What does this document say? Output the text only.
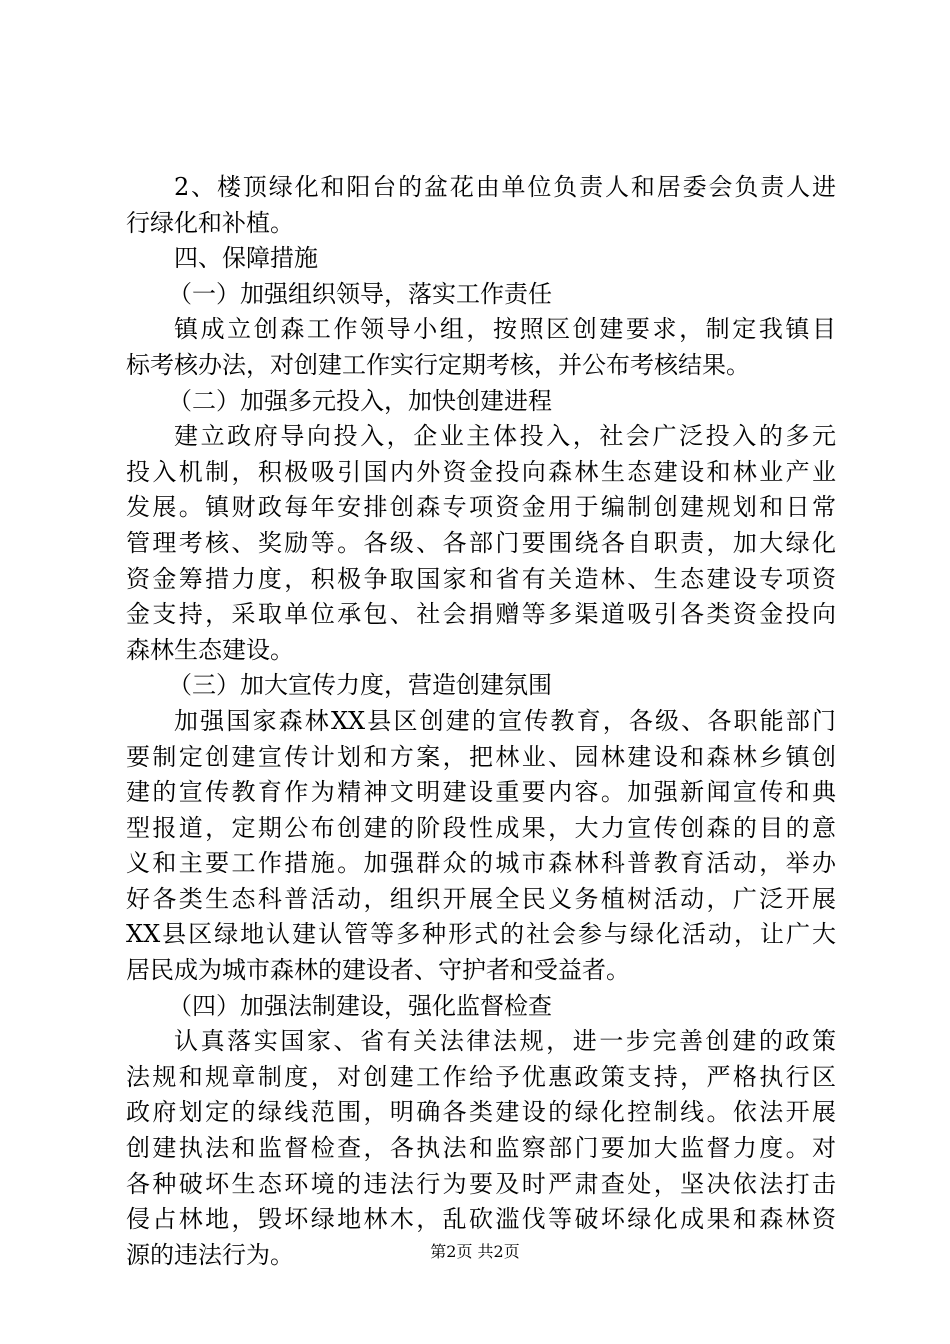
2、楼顶绿化和阳台的盆花由单位负责人和居委会负责人进
行绿化和补植。
四、保障措施
（一）加强组织领导，落实工作责任
镇成立创森工作领导小组，按照区创建要求，制定我镇目
标考核办法，对创建工作实行定期考核，并公布考核结果。
（二）加强多元投入，加快创建进程
建立政府导向投入，企业主体投入，社会广泛投入的多元
投入机制，积极吸引国内外资金投向森林生态建设和林业产业
发展。镇财政每年安排创森专项资金用于编制创建规划和日常
管理考核、奖励等。各级、各部门要围绕各自职责，加大绿化
资金筹措力度，积极争取国家和省有关造林、生态建设专项资
金支持，采取单位承包、社会捐赠等多渠道吸引各类资金投向
森林生态建设。
（三）加大宣传力度，营造创建氛围
加强国家森林XX县区创建的宣传教育，各级、各职能部门
要制定创建宣传计划和方案，把林业、园林建设和森林乡镇创
建的宣传教育作为精神文明建设重要内容。加强新闻宣传和典
型报道，定期公布创建的阶段性成果，大力宣传创森的目的意
义和主要工作措施。加强群众的城市森林科普教育活动，举办
好各类生态科普活动，组织开展全民义务植树活动，广泛开展
XX县区绿地认建认管等多种形式的社会参与绿化活动，让广大
居民成为城市森林的建设者、守护者和受益者。
（四）加强法制建设，强化监督检查
认真落实国家、省有关法律法规，进一步完善创建的政策
法规和规章制度，对创建工作给予优惠政策支持，严格执行区
政府划定的绿线范围，明确各类建设的绿化控制线。依法开展
创建执法和监督检查，各执法和监察部门要加大监督力度。对
各种破坏生态环境的违法行为要及时严肃查处，坚决依法打击
侵占林地，毁坏绿地林木，乱砍滥伐等破坏绿化成果和森林资
源的违法行为。	第2页 共2页
